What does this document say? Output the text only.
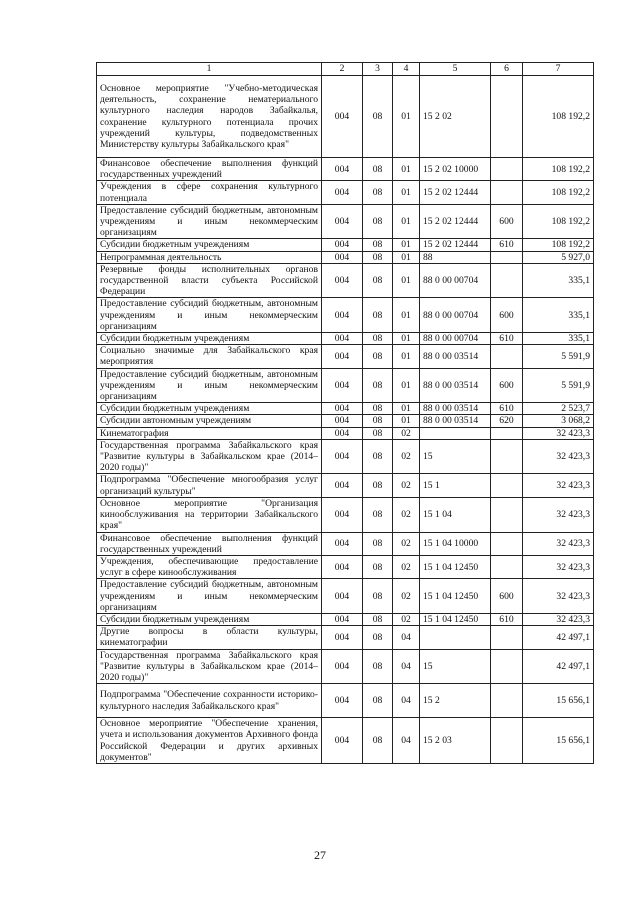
1	2	3	4	5	6	7
Основное мероприятие "Учебно-методическая деятельность, сохранение нематериального культурного наследия народов Забайкалья, сохранение культурного потенциала прочих учреждений культуры, подведомственных Министерству культуры Забайкальского края"	004	08	01	15 2 02		108 192,2
Финансовое обеспечение выполнения функций государственных учреждений	004	08	01	15 2 02 10000		108 192,2
Учреждения в сфере сохранения культурного потенциала	004	08	01	15 2 02 12444		108 192,2
Предоставление субсидий бюджетным, автономным учреждениям и иным некоммерческим организациям	004	08	01	15 2 02 12444	600	108 192,2
Субсидии бюджетным учреждениям	004	08	01	15 2 02 12444	610	108 192,2
Непрограммная деятельность	004	08	01	88		5 927,0
Резервные фонды исполнительных органов государственной власти субъекта Российской Федерации	004	08	01	88 0 00 00704		335,1
Предоставление субсидий бюджетным, автономным учреждениям и иным некоммерческим организациям	004	08	01	88 0 00 00704	600	335,1
Субсидии бюджетным учреждениям	004	08	01	88 0 00 00704	610	335,1
Социально значимые для Забайкальского края мероприятия	004	08	01	88 0 00 03514		5 591,9
Предоставление субсидий бюджетным, автономным учреждениям и иным некоммерческим организациям	004	08	01	88 0 00 03514	600	5 591,9
Субсидии бюджетным учреждениям	004	08	01	88 0 00 03514	610	2 523,7
Субсидии автономным учреждениям	004	08	01	88 0 00 03514	620	3 068,2
Кинематография	004	08	02			32 423,3
Государственная программа Забайкальского края "Развитие культуры в Забайкальском крае (2014–2020 годы)"	004	08	02	15		32 423,3
Подпрограмма "Обеспечение многообразия услуг организаций культуры"	004	08	02	15 1		32 423,3
Основное мероприятие "Организация кинообслуживания на территории Забайкальского края"	004	08	02	15 1 04		32 423,3
Финансовое обеспечение выполнения функций государственных учреждений	004	08	02	15 1 04 10000		32 423,3
Учреждения, обеспечивающие предоставление услуг в сфере кинообслуживания	004	08	02	15 1 04 12450		32 423,3
Предоставление субсидий бюджетным, автономным учреждениям и иным некоммерческим организациям	004	08	02	15 1 04 12450	600	32 423,3
Субсидии бюджетным учреждениям	004	08	02	15 1 04 12450	610	32 423,3
Другие вопросы в области культуры, кинематографии	004	08	04			42 497,1
Государственная программа Забайкальского края "Развитие культуры в Забайкальском крае (2014–2020 годы)"	004	08	04	15		42 497,1
Подпрограмма "Обеспечение сохранности историко-культурного наследия Забайкальского края"	004	08	04	15 2		15 656,1
Основное мероприятие "Обеспечение хранения, учета и использования документов Архивного фонда Российской Федерации и других архивных документов"	004	08	04	15 2 03		15 656,1
27
